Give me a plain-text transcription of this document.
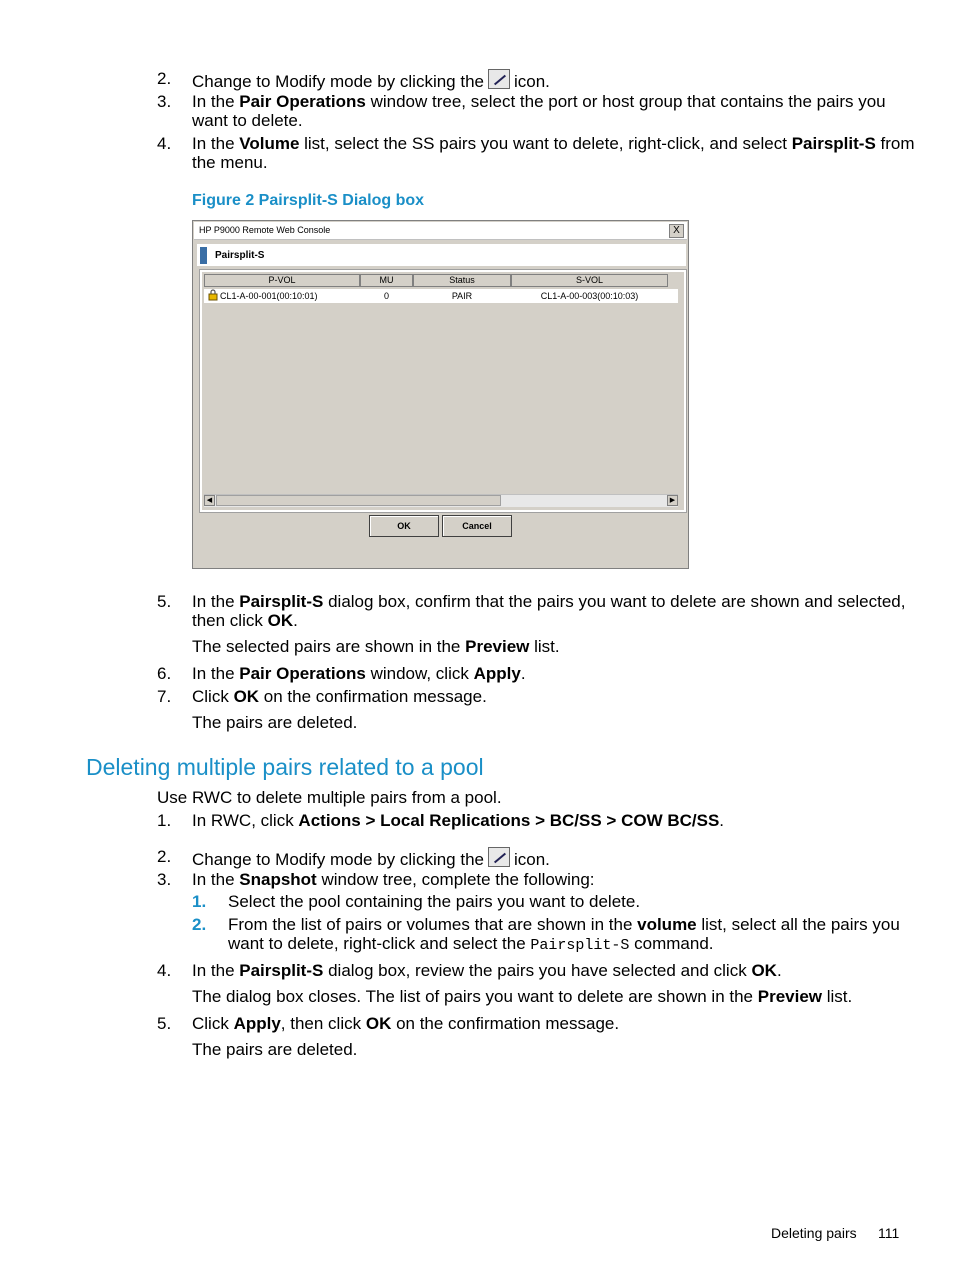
2.	Change to Modify mode by clicking the icon.
3.	In the Pair Operations window tree, select the port or host group that contains the pairs you
want to delete.
4.	In the Volume list, select the SS pairs you want to delete, right-click, and select Pairsplit-S from
the menu.
Figure 2 Pairsplit-S Dialog box
HP P9000 Remote Web Console	X
Pairsplit-S
P-VOL	MU	Status	S-VOL
CL1-A-00-001(00:10:01)	0	PAIR	CL1-A-00-003(00:10:03)
◀	▶
OK	Cancel
5.	In the Pairsplit-S dialog box, confirm that the pairs you want to delete are shown and selected,
then click OK.
The selected pairs are shown in the Preview list.
6.	In the Pair Operations window, click Apply.
7.	Click OK on the confirmation message.
The pairs are deleted.
Deleting multiple pairs related to a pool
Use RWC to delete multiple pairs from a pool.
1.	In RWC, click Actions > Local Replications > BC/SS > COW BC/SS.
2.	Change to Modify mode by clicking the icon.
3.	In the Snapshot window tree, complete the following:
1. Select the pool containing the pairs you want to delete.
2. From the list of pairs or volumes that are shown in the volume list, select all the pairs you
want to delete, right-click and select the Pairsplit-S command.
4.	In the Pairsplit-S dialog box, review the pairs you have selected and click OK.
The dialog box closes. The list of pairs you want to delete are shown in the Preview list.
5.	Click Apply, then click OK on the confirmation message.
The pairs are deleted.
Deleting pairs 111
